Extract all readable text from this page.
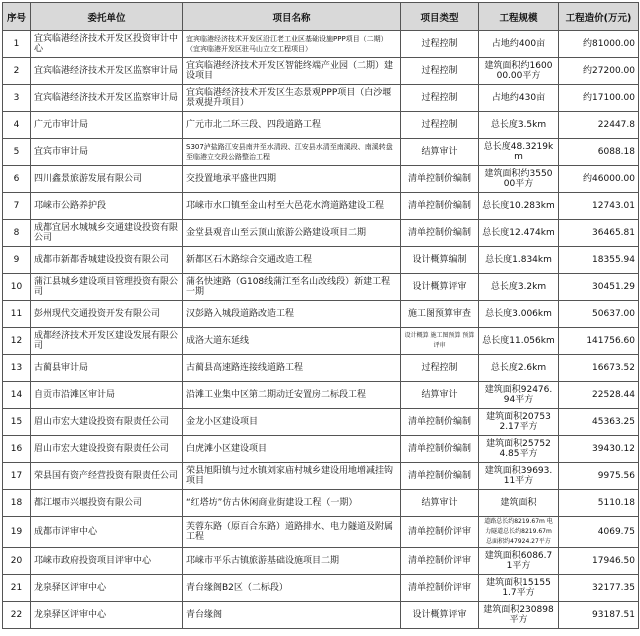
序号	委托单位	项目名称	项目类型	工程规模	工程造价(万元)
1	宜宾临港经济技术开发区投资审计中心	宜宾临港经济技术开发区沿江老工业区基础设施PPP项目（二期）（宜宾临港开发区驻马山立交工程项目）	过程控制	占地约400亩	约81000.00
2	宜宾临港经济技术开发区监察审计局	宜宾临港经济技术开发区智能终端产业园（二期）建设项目	过程控制	建筑面积约160000.00平方	约27200.00
3	宜宾临港经济技术开发区监察审计局	宜宾临港经济技术开发区生态景观PPP项目（白沙堰景观提升项目）	过程控制	占地约430亩	约17100.00
4	广元市审计局	广元市北二环三段、四段道路工程	过程控制	总长度3.5km	22447.8
5	宜宾市审计局	S307泸盐路江安县南井至水清段、江安县水清至南溪段、南溪转盘至临港立交段公路整治工程	结算审计	总长度48.3219km	6088.18
6	四川鑫景旅游发展有限公司	交投置地承平盛世四期	清单控制价编制	建筑面积约355000平方	约46000.00
7	邛崃市公路养护段	邛崃市水口镇至金山村至大邑花水湾道路建设工程	清单控制价编制	总长度10.283km	12743.01
8	成都宜居水城城乡交通建设投资有限公司	金堂县观音山至云顶山旅游公路建设项目二期	清单控制价编制	总长度12.474km	36465.81
9	成都市新都香城建设投资有限公司	新都区石木路综合交通改造工程	设计概算编制	总长度1.834km	18355.94
10	蒲江县城乡建设项目管理投资有限公司	蒲名快速路（G108线蒲江至名山改线段）新建工程一期	设计概算评审	总长度3.2km	30451.29
11	彭州现代交通投资开发有限公司	汉彭路入城段道路改造工程	施工图预算审查	总长度3.006km	50637.00
12	成都经济技术开发区建设发展有限公司	成洛大道东延线	设计概算 施工图预算 预算评审	总长度11.056km	141756.60
13	古蔺县审计局	古蔺县高速路连接线道路工程	过程控制	总长度2.6km	16673.52
14	自贡市沿滩区审计局	沿滩工业集中区第二期动迁安置房二标段工程	结算审计	建筑面积92476.94平方	22528.44
15	眉山市宏大建设投资有限责任公司	金龙小区建设项目	清单控制价编制	建筑面积207532.17平方	45363.25
16	眉山市宏大建设投资有限责任公司	白虎滩小区建设项目	清单控制价编制	建筑面积257524.85平方	39430.12
17	荣县国有资产经营投资有限责任公司	荣县旭阳镇与过水镇刘家庙村城乡建设用地增减挂钩项目	清单控制价编制	建筑面积39693.11平方	9975.56
18	都江堰市兴堰投资有限公司	“红塔坊”仿古休闲商业街建设工程（一期）	结算审计	建筑面积	5110.18
19	成都市评审中心	芙蓉东路（原百合东路）道路排水、电力隧道及附属工程	清单控制价评审	道路总长约8219.67m 电力隧道总长约8219.67m 总面积约47924.27平方	4069.75
20	邛崃市政府投资项目评审中心	邛崃市平乐古镇旅游基础设施项目二期	清单控制价评审	建筑面积6086.71平方	17946.50
21	龙泉驿区评审中心	青台缘阁B2区（二标段）	清单控制价评审	建筑面积151551.7平方	32177.35
22	龙泉驿区评审中心	青台缘阁	设计概算评审	建筑面积230898平方	93187.51
